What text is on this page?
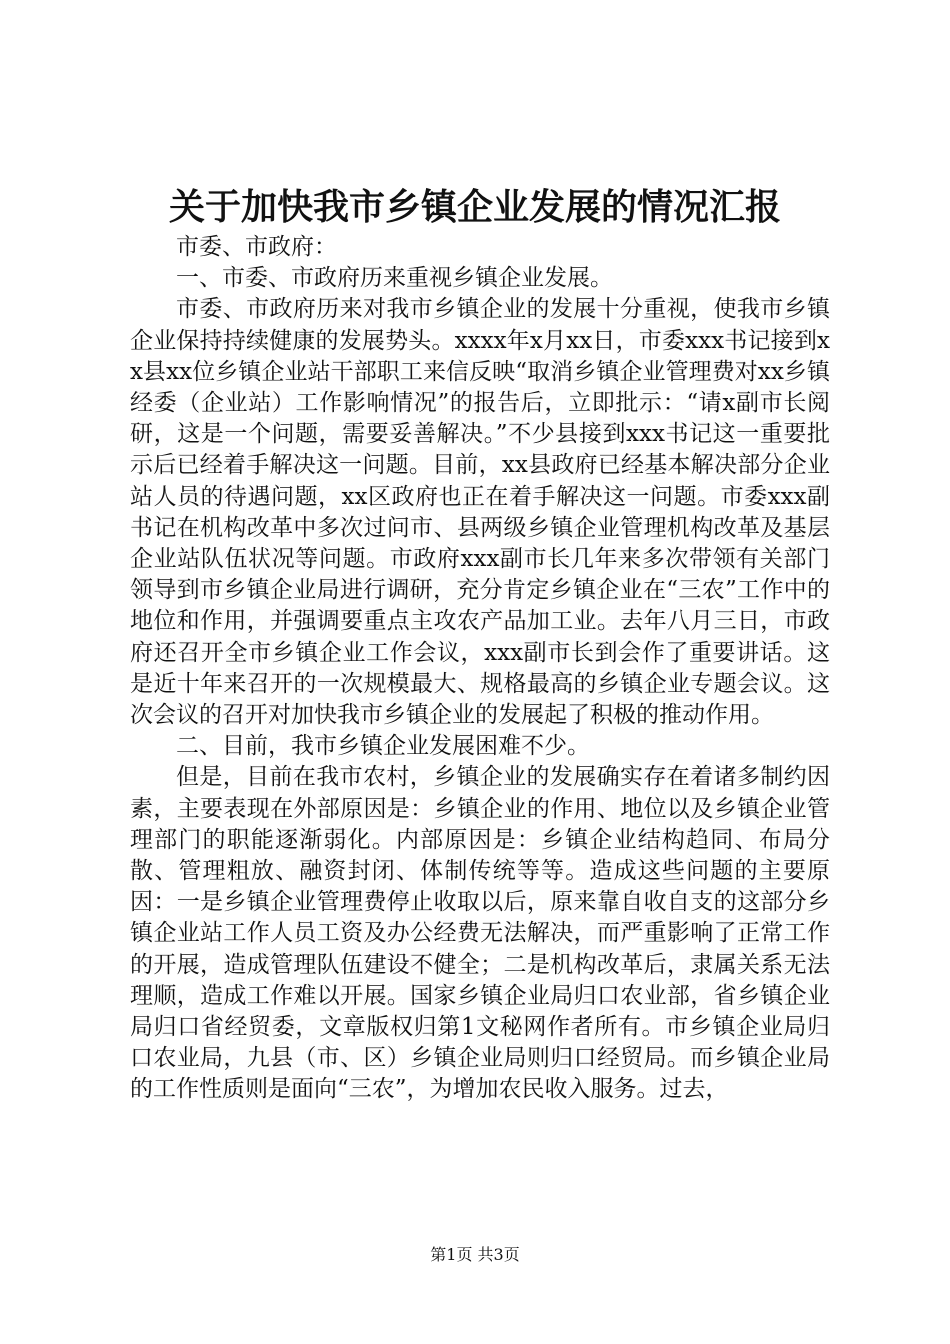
关于加快我市乡镇企业发展的情况汇报

市委、市政府：

一、市委、市政府历来重视乡镇企业发展。

市委、市政府历来对我市乡镇企业的发展十分重视，使我市乡镇企业保持持续健康的发展势头。xxxx年x月xx日，市委xxx书记接到xx县xx位乡镇企业站干部职工来信反映“取消乡镇企业管理费对xx乡镇经委（企业站）工作影响情况”的报告后，立即批示：“请x副市长阅研，这是一个问题，需要妥善解决。”不少县接到xxx书记这一重要批示后已经着手解决这一问题。目前，xx县政府已经基本解决部分企业站人员的待遇问题，xx区政府也正在着手解决这一问题。市委xxx副书记在机构改革中多次过问市、县两级乡镇企业管理机构改革及基层企业站队伍状况等问题。市政府xxx副市长几年来多次带领有关部门领导到市乡镇企业局进行调研，充分肯定乡镇企业在“三农”工作中的地位和作用，并强调要重点主攻农产品加工业。去年八月三日，市政府还召开全市乡镇企业工作会议，xxx副市长到会作了重要讲话。这是近十年来召开的一次规模最大、规格最高的乡镇企业专题会议。这次会议的召开对加快我市乡镇企业的发展起了积极的推动作用。

二、目前，我市乡镇企业发展困难不少。

但是，目前在我市农村，乡镇企业的发展确实存在着诸多制约因素，主要表现在外部原因是：乡镇企业的作用、地位以及乡镇企业管理部门的职能逐渐弱化。内部原因是：乡镇企业结构趋同、布局分散、管理粗放、融资封闭、体制传统等等。造成这些问题的主要原因：一是乡镇企业管理费停止收取以后，原来靠自收自支的这部分乡镇企业站工作人员工资及办公经费无法解决，而严重影响了正常工作的开展，造成管理队伍建设不健全；二是机构改革后，隶属关系无法理顺，造成工作难以开展。国家乡镇企业局归口农业部，省乡镇企业局归口省经贸委，文章版权归第1文秘网作者所有。市乡镇企业局归口农业局，九县（市、区）乡镇企业局则归口经贸局。而乡镇企业局的工作性质则是面向“三农”，为增加农民收入服务。过去，

第1页 共3页
